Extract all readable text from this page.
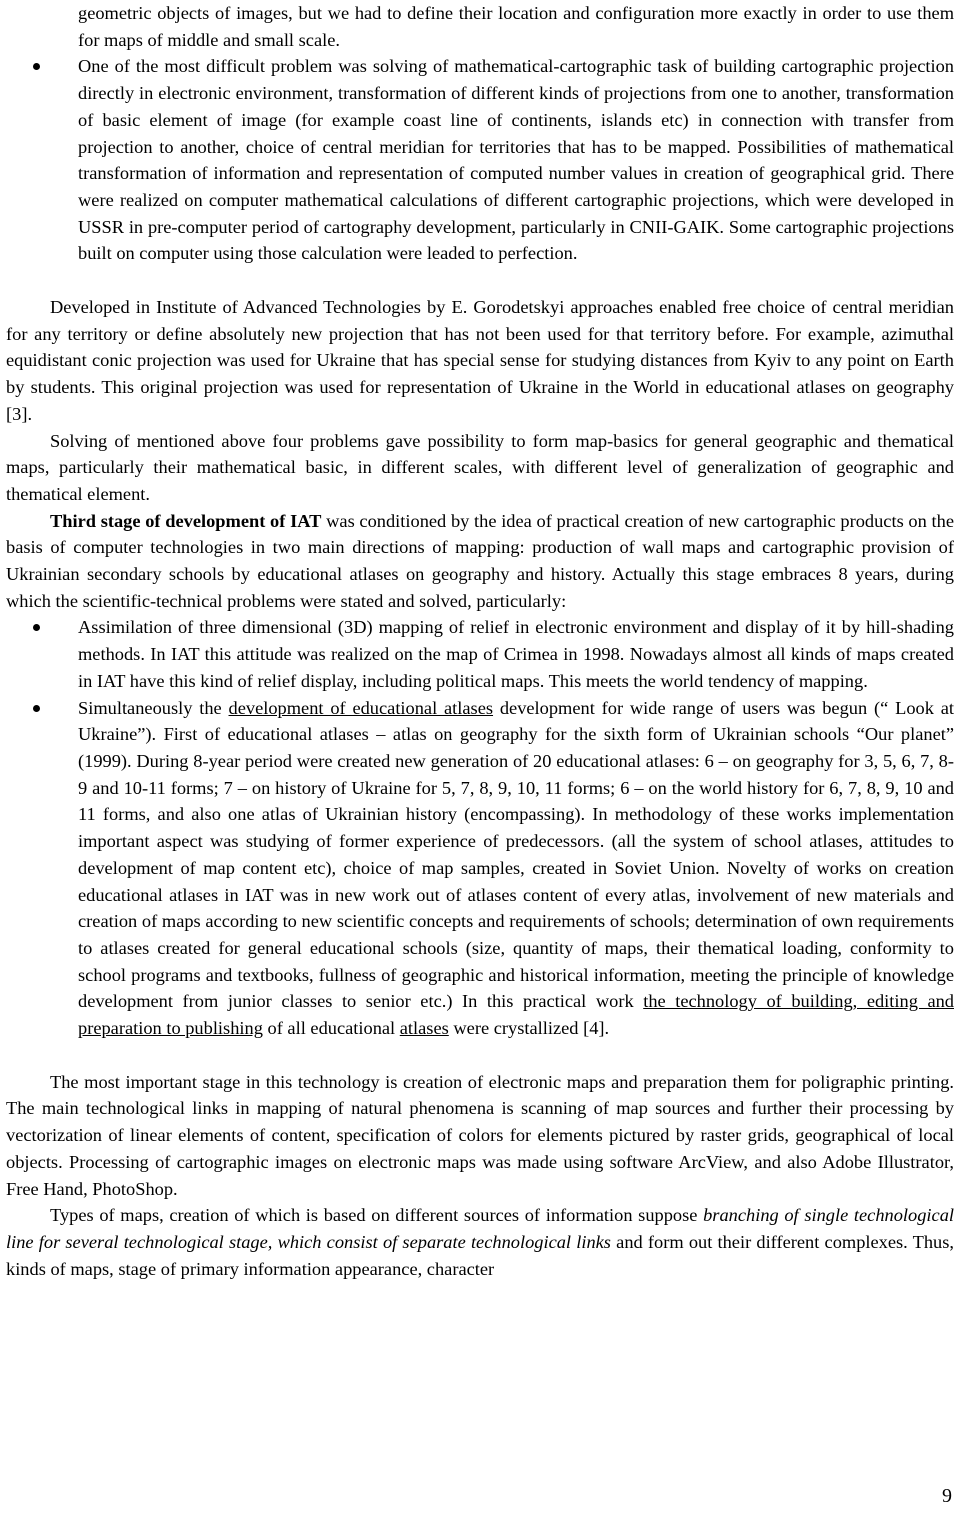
geometric objects of images, but we had to define their location and configuration more exactly in order to use them for maps of middle and small scale.

One of the most difficult problem was solving of mathematical-cartographic task of building cartographic projection directly in electronic environment, transformation of different kinds of projections from one to another, transformation of basic element of image (for example coast line of continents, islands etc) in connection with transfer from projection to another, choice of central meridian for territories that has to be mapped. Possibilities of mathematical transformation of information and representation of computed number values in creation of geographical grid. There were realized on computer mathematical calculations of different cartographic projections, which were developed in USSR in pre-computer period of cartography development, particularly in CNII-GAIK. Some cartographic projections built on computer using those calculation were leaded to perfection.

Developed in Institute of Advanced Technologies by E. Gorodetskyi approaches enabled free choice of central meridian for any territory or define absolutely new projection that has not been used for that territory before. For example, azimuthal equidistant conic projection was used for Ukraine that has special sense for studying distances from Kyiv to any point on Earth by students. This original projection was used for representation of Ukraine in the World in educational atlases on geography [3].

Solving of mentioned above four problems gave possibility to form map-basics for general geographic and thematical maps, particularly their mathematical basic, in different scales, with different level of generalization of geographic and thematical element.

Third stage of development of IAT was conditioned by the idea of practical creation of new cartographic products on the basis of computer technologies in two main directions of mapping: production of wall maps and cartographic provision of Ukrainian secondary schools by educational atlases on geography and history. Actually this stage embraces 8 years, during which the scientific-technical problems were stated and solved, particularly:

Assimilation of three dimensional (3D) mapping of relief in electronic environment and display of it by hill-shading methods. In IAT this attitude was realized on the map of Crimea in 1998. Nowadays almost all kinds of maps created in IAT have this kind of relief display, including political maps. This meets the world tendency of mapping.
Simultaneously the development of educational atlases development for wide range of users was begun (“ Look at Ukraine”). First of educational atlases – atlas on geography for the sixth form of Ukrainian schools “Our planet” (1999). During 8-year period were created new generation of 20 educational atlases: 6 – on geography for 3, 5, 6, 7, 8-9 and 10-11 forms; 7 – on history of Ukraine for 5, 7, 8, 9, 10, 11 forms; 6 – on the world history for 6, 7, 8, 9, 10 and 11 forms, and also one atlas of Ukrainian history (encompassing). In methodology of these works implementation important aspect was studying of former experience of predecessors. (all the system of school atlases, attitudes to development of map content etc), choice of map samples, created in Soviet Union. Novelty of works on creation educational atlases in IAT was in new work out of atlases content of every atlas, involvement of new materials and creation of maps according to new scientific concepts and requirements of schools; determination of own requirements to atlases created for general educational schools (size, quantity of maps, their thematical loading, conformity to school programs and textbooks, fullness of geographic and historical information, meeting the principle of knowledge development from junior classes to senior etc.) In this practical work the technology of building, editing and preparation to publishing of all educational atlases were crystallized [4].

The most important stage in this technology is creation of electronic maps and preparation them for poligraphic printing. The main technological links in mapping of natural phenomena is scanning of map sources and further their processing by vectorization of linear elements of content, specification of colors for elements pictured by raster grids, geographical of local objects. Processing of cartographic images on electronic maps was made using software ArcView, and also Adobe Illustrator, Free Hand, PhotoShop.

Types of maps, creation of which is based on different sources of information suppose branching of single technological line for several technological stage, which consist of separate technological links and form out their different complexes. Thus, kinds of maps, stage of primary information appearance, character

9
